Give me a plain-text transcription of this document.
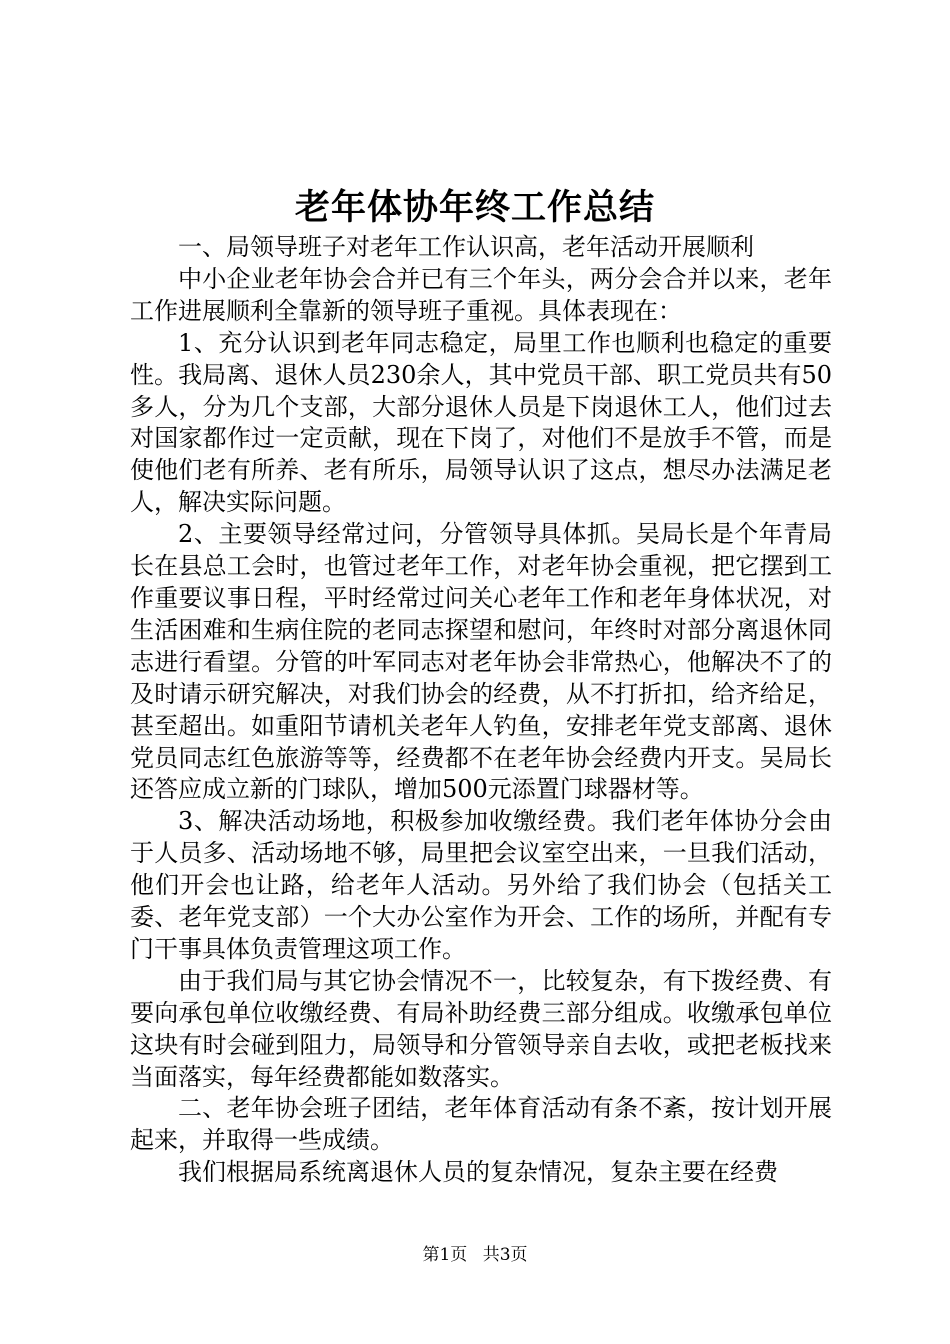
老年体协年终工作总结

一、局领导班子对老年工作认识高，老年活动开展顺利

中小企业老年协会合并已有三个年头，两分会合并以来，老年工作进展顺利全靠新的领导班子重视。具体表现在：

1、充分认识到老年同志稳定，局里工作也顺利也稳定的重要性。我局离、退休人员230余人，其中党员干部、职工党员共有50多人，分为几个支部，大部分退休人员是下岗退休工人，他们过去对国家都作过一定贡献，现在下岗了，对他们不是放手不管，而是使他们老有所养、老有所乐，局领导认识了这点，想尽办法满足老人，解决实际问题。

2、主要领导经常过问，分管领导具体抓。吴局长是个年青局长在县总工会时，也管过老年工作，对老年协会重视，把它摆到工作重要议事日程，平时经常过问关心老年工作和老年身体状况，对生活困难和生病住院的老同志探望和慰问，年终时对部分离退休同志进行看望。分管的叶军同志对老年协会非常热心，他解决不了的及时请示研究解决，对我们协会的经费，从不打折扣，给齐给足，甚至超出。如重阳节请机关老年人钓鱼，安排老年党支部离、退休党员同志红色旅游等等，经费都不在老年协会经费内开支。吴局长还答应成立新的门球队，增加500元添置门球器材等。

3、解决活动场地，积极参加收缴经费。我们老年体协分会由于人员多、活动场地不够，局里把会议室空出来，一旦我们活动，他们开会也让路，给老年人活动。另外给了我们协会（包括关工委、老年党支部）一个大办公室作为开会、工作的场所，并配有专门干事具体负责管理这项工作。

由于我们局与其它协会情况不一，比较复杂，有下拨经费、有要向承包单位收缴经费、有局补助经费三部分组成。收缴承包单位这块有时会碰到阻力，局领导和分管领导亲自去收，或把老板找来当面落实，每年经费都能如数落实。

二、老年协会班子团结，老年体育活动有条不紊，按计划开展起来，并取得一些成绩。

我们根据局系统离退休人员的复杂情况，复杂主要在经费

第1页 共3页
